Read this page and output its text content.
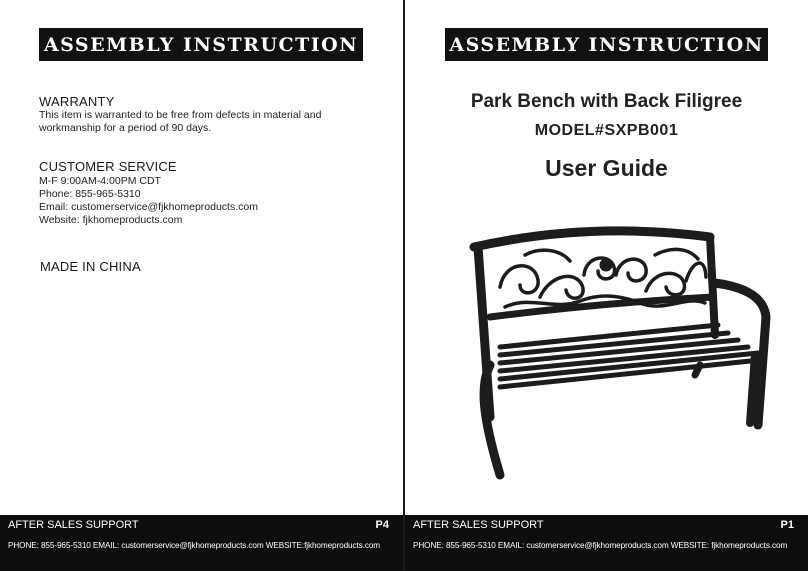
ASSEMBLY INSTRUCTION
WARRANTY
This item is warranted to be free from defects in material and
workmanship for a period of 90 days.
CUSTOMER SERVICE
M-F 9:00AM-4:00PM CDT
Phone: 855-965-5310
Email: customerservice@fjkhomeproducts.com
Website: fjkhomeproducts.com
MADE IN CHINA
AFTER SALES SUPPORT	P4
PHONE: 855-965-5310 EMAIL: customerservice@fjkhomeproducts.com WEBSITE:fjkhomeproducts.com
ASSEMBLY INSTRUCTION
Park Bench with Back Filigree
MODEL#SXPB001
User Guide
AFTER SALES SUPPORT	P1
PHONE: 855-965-5310 EMAIL: customerservice@fjkhomeproducts.com WEBSITE: fjkhomeproducts.com
